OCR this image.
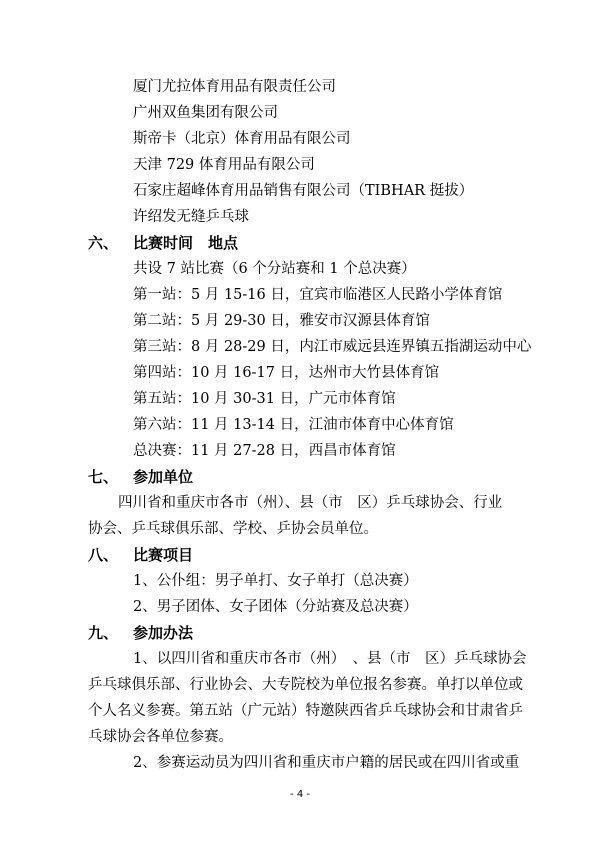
厦门尤拉体育用品有限责任公司
广州双鱼集团有限公司
斯帝卡（北京）体育用品有限公司
天津 729 体育用品有限公司
石家庄超峰体育用品销售有限公司（TIBHAR 挺拔）
许绍发无缝乒乓球
六、 比赛时间　地点
共设 7 站比赛（6 个分站赛和 1 个总决赛）
第一站：5 月 15-16 日，宜宾市临港区人民路小学体育馆
第二站：5 月 29-30 日，雅安市汉源县体育馆
第三站：8 月 28-29 日，内江市威远县连界镇五指湖运动中心
第四站：10 月 16-17 日，达州市大竹县体育馆
第五站：10 月 30-31 日，广元市体育馆
第六站：11 月 13-14 日，江油市体育中心体育馆
总决赛：11 月 27-28 日，西昌市体育馆
七、 参加单位
四川省和重庆市各市（州）、县（市　区）乒乓球协会、行业
协会、乒乓球俱乐部、学校、乒协会员单位。
八、 比赛项目
1、公仆组：男子单打、女子单打（总决赛）
2、男子团体、女子团体（分站赛及总决赛）
九、 参加办法
1、以四川省和重庆市各市（州）　、县（市　区）乒乓球协会
乒乓球俱乐部、行业协会、大专院校为单位报名参赛。单打以单位或
个人名义参赛。第五站（广元站）特邀陕西省乒乓球协会和甘肃省乒
乓球协会各单位参赛。
2、参赛运动员为四川省和重庆市户籍的居民或在四川省或重
- 4 -
